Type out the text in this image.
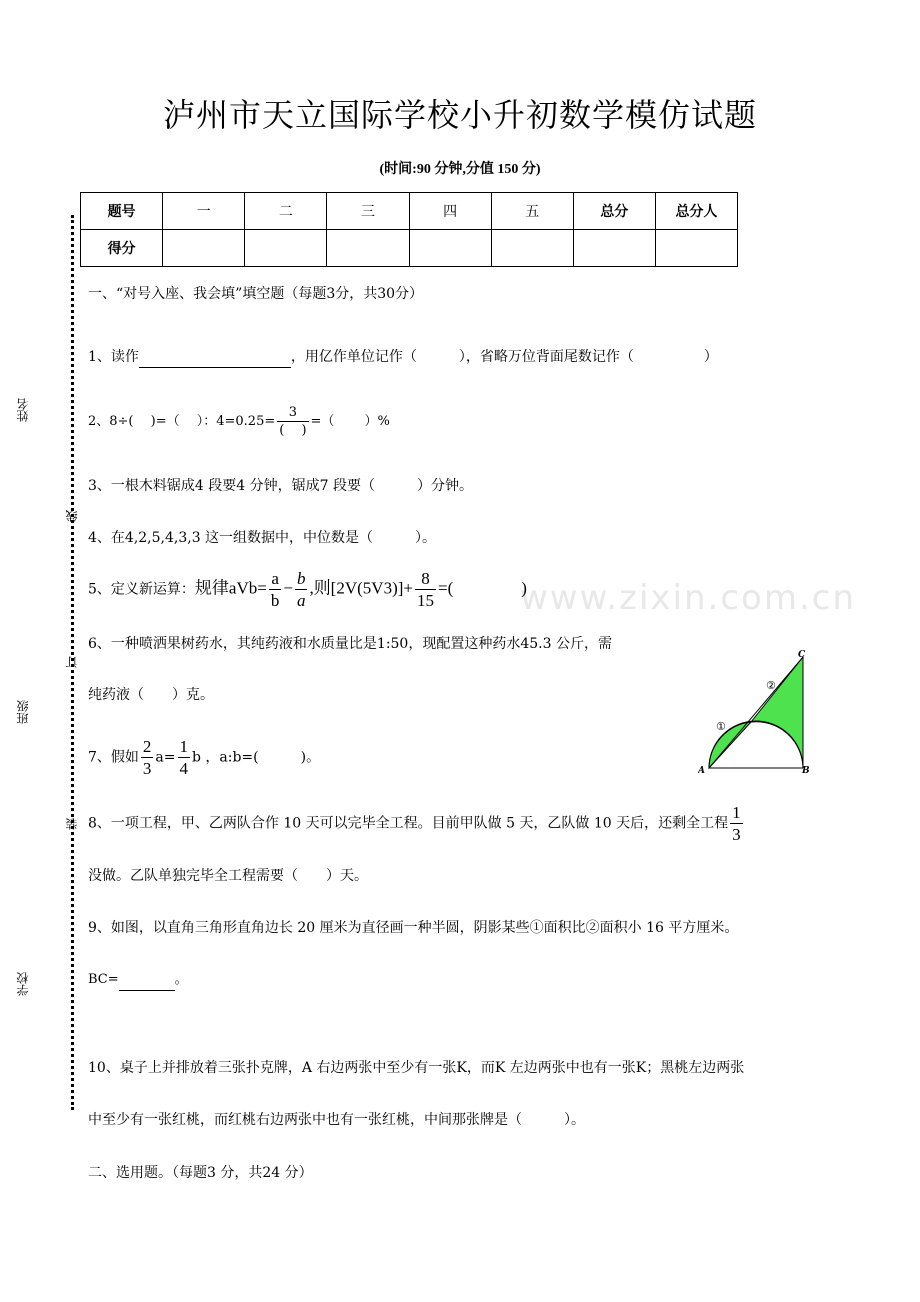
泸州市天立国际学校小升初数学模仿试题
(时间:90 分钟,分值 150 分)
题号	一	二	三	四	五	总分	总分人
得分							
姓名
班级
学校
线
订
装
www.zixin.com.cn
一、“对号入座、我会填”填空题（每题3分，共30分）
1、读作	，用亿作单位记作（　　　），省略万位背面尾数记作（　　　　　）
2、8÷(　 )=（　 ）：$4=0.25= \frac{3}{( )}$ =（　　 ）%
3、一根木料锯成4 段要4 分钟，锯成7 段要（　　　）分钟。
4、在4,2,5,4,3,3 这一组数据中，中位数是（　　　）。
5、定义新运算：规律$aVb= \frac{a}{b} - \frac{b}{a}$ ,则$[2V(5V3)]+ \frac{8}{15}$ =(　　　　)
6、一种喷洒果树药水，其纯药液和水质量比是1:50，现配置这种药水45.3 公斤，需
纯药液（　　）克。
7、假如 $\frac{2}{3} a= \frac{1}{4}$ b ，a:b=(　　　)。
8、一项工程，甲、乙两队合作 10 天可以完毕全工程。目前甲队做 5 天，乙队做 10 天后，还剩全工程 $\frac{1}{3}$
没做。乙队单独完毕全工程需要（　　）天。
9、如图，以直角三角形直角边长 20 厘米为直径画一种半圆，阴影某些①面积比②面积小 16 平方厘米。
BC=	。
10、桌子上并排放着三张扑克牌，A 右边两张中至少有一张K，而K 左边两张中也有一张K；黑桃左边两张
中至少有一张红桃，而红桃右边两张中也有一张红桃，中间那张牌是（　　　）。
二、选用题。（每题3 分，共24 分）
A	B
C
①
②
